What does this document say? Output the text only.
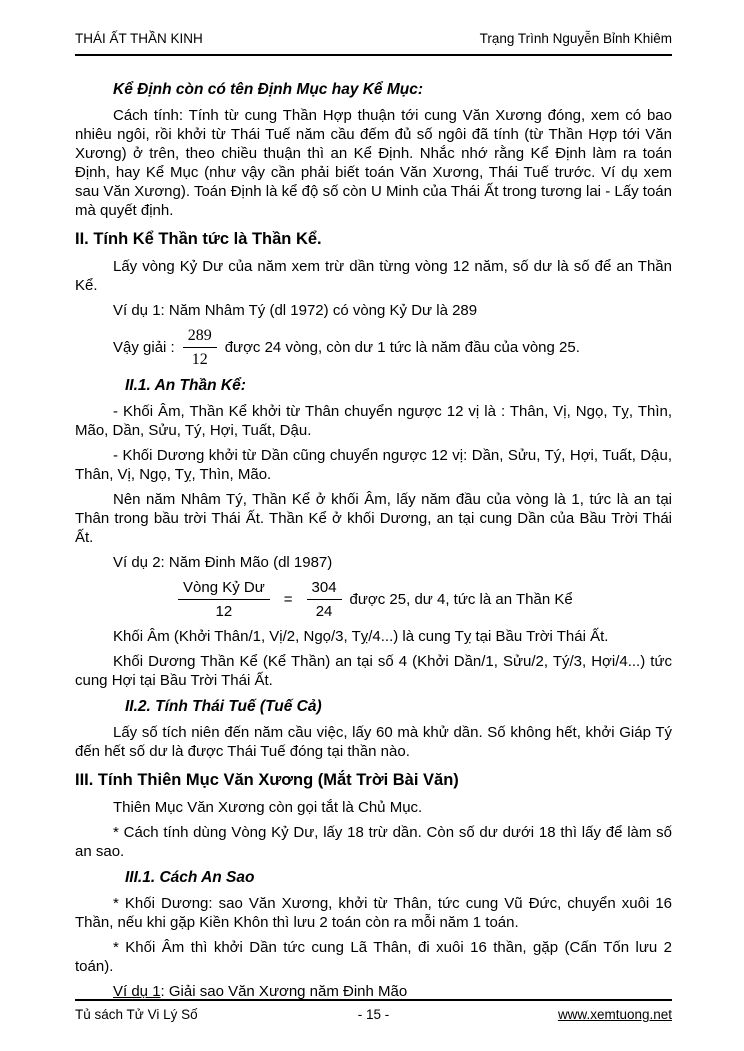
THÁI ẤT THẦN KINH	Trạng Trình Nguyễn Bỉnh Khiêm
Kể Định còn có tên Định Mục hay Kể Mục:

Cách tính: Tính từ cung Thần Hợp thuận tới cung Văn Xương đóng, xem có bao nhiêu ngôi, rồi khởi từ Thái Tuế năm cầu đếm đủ số ngôi đã tính (từ Thần Hợp tới Văn Xương) ở trên, theo chiều thuận thì an Kể Định. Nhắc nhớ rằng Kể Định làm ra toán Định, hay Kể Mục (như vậy cần phải biết toán Văn Xương, Thái Tuế trước. Ví dụ xem sau Văn Xương). Toán Định là kể độ số còn U Minh của Thái Ất trong tương lai - Lấy toán mà quyết định.

II. Tính Kể Thần tức là Thần Kể.

Lấy vòng Kỷ Dư của năm xem trừ dần từng vòng 12 năm, số dư là số để an Thần Kể.

Ví dụ 1: Năm Nhâm Tý (dl 1972) có vòng Kỷ Dư là 289

Vậy giải : $\frac{289}{12}$ được 24 vòng, còn dư 1 tức là năm đầu của vòng 25.
II.1. An Thần Kể:

- Khối Âm, Thần Kể khởi từ Thân chuyển ngược 12 vị là : Thân, Vị, Ngọ, Tỵ, Thìn, Mão, Dần, Sửu, Tý, Hợi, Tuất, Dậu.

- Khối Dương khởi từ Dần cũng chuyển ngược 12 vị: Dần, Sửu, Tý, Hợi, Tuất, Dậu, Thân, Vị, Ngọ, Tỵ, Thìn, Mão.

Nên năm Nhâm Tý, Thần Kể ở khối Âm, lấy năm đầu của vòng là 1, tức là an tại Thân trong bầu trời Thái Ất. Thần Kể ở khối Dương, an tại cung Dần của Bầu Trời Thái Ất.

Ví dụ 2: Năm Đinh Mão (dl 1987)

$\frac{\text{Vòng Kỷ Dư}}{12} = \frac{304}{24}$ được 25, dư 4, tức là an Thần Kể

Khối Âm (Khởi Thân/1, Vị/2, Ngọ/3, Tỵ/4...) là cung Tỵ tại Bầu Trời Thái Ất.

Khối Dương Thần Kể (Kể Thần) an tại số 4 (Khởi Dần/1, Sửu/2, Tý/3, Hợi/4...) tức cung Hợi tại Bầu Trời Thái Ất.

II.2. Tính Thái Tuế (Tuế Cả)

Lấy số tích niên đến năm cầu việc, lấy 60 mà khử dần. Số không hết, khởi Giáp Tý đến hết số dư là được Thái Tuế đóng tại thần nào.

III. Tính Thiên Mục Văn Xương (Mắt Trời Bài Văn)

Thiên Mục Văn Xương còn gọi tắt là Chủ Mục.

* Cách tính dùng Vòng Kỷ Dư, lấy 18 trừ dần. Còn số dư dưới 18 thì lấy để làm số an sao.

III.1. Cách An Sao

* Khối Dương: sao Văn Xương, khởi từ Thân, tức cung Vũ Đức, chuyển xuôi 16 Thần, nếu khi gặp Kiền Khôn thì lưu 2 toán còn ra mỗi năm 1 toán.

* Khối Âm thì khởi Dần tức cung Lã Thân, đi xuôi 16 thần, gặp (Cấn Tốn lưu 2 toán).

Ví dụ 1: Giải sao Văn Xương năm Đinh Mão

Tủ sách Tử Vi Lý Số	- 15 -	www.xemtuong.net
